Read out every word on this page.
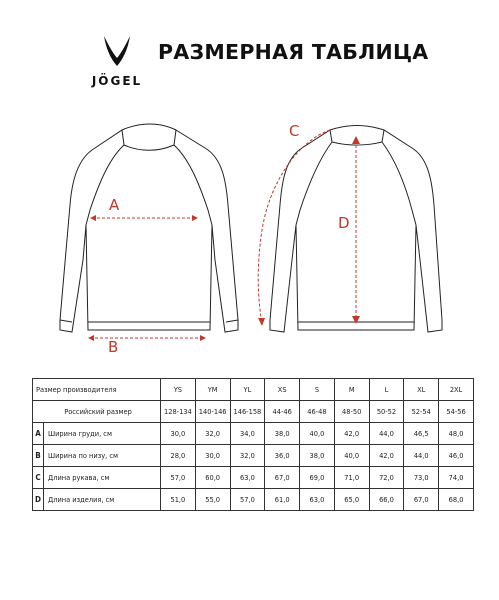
JÖGEL
РАЗМЕРНАЯ ТАБЛИЦА
A
B
C
D
Размер производителя		YS	YM	YL	XS	S	M	L	XL	2XL
Российский размер		128-134	140-146	146-158	44-46	46-48	48-50	50-52	52-54	54-56
A	Ширина груди, см	30,0	32,0	34,0	38,0	40,0	42,0	44,0	46,5	48,0
B	Ширина по низу, см	28,0	30,0	32,0	36,0	38,0	40,0	42,0	44,0	46,0
C	Длина рукава, см	57,0	60,0	63,0	67,0	69,0	71,0	72,0	73,0	74,0
D	Длина изделия, см	51,0	55,0	57,0	61,0	63,0	65,0	66,0	67,0	68,0
